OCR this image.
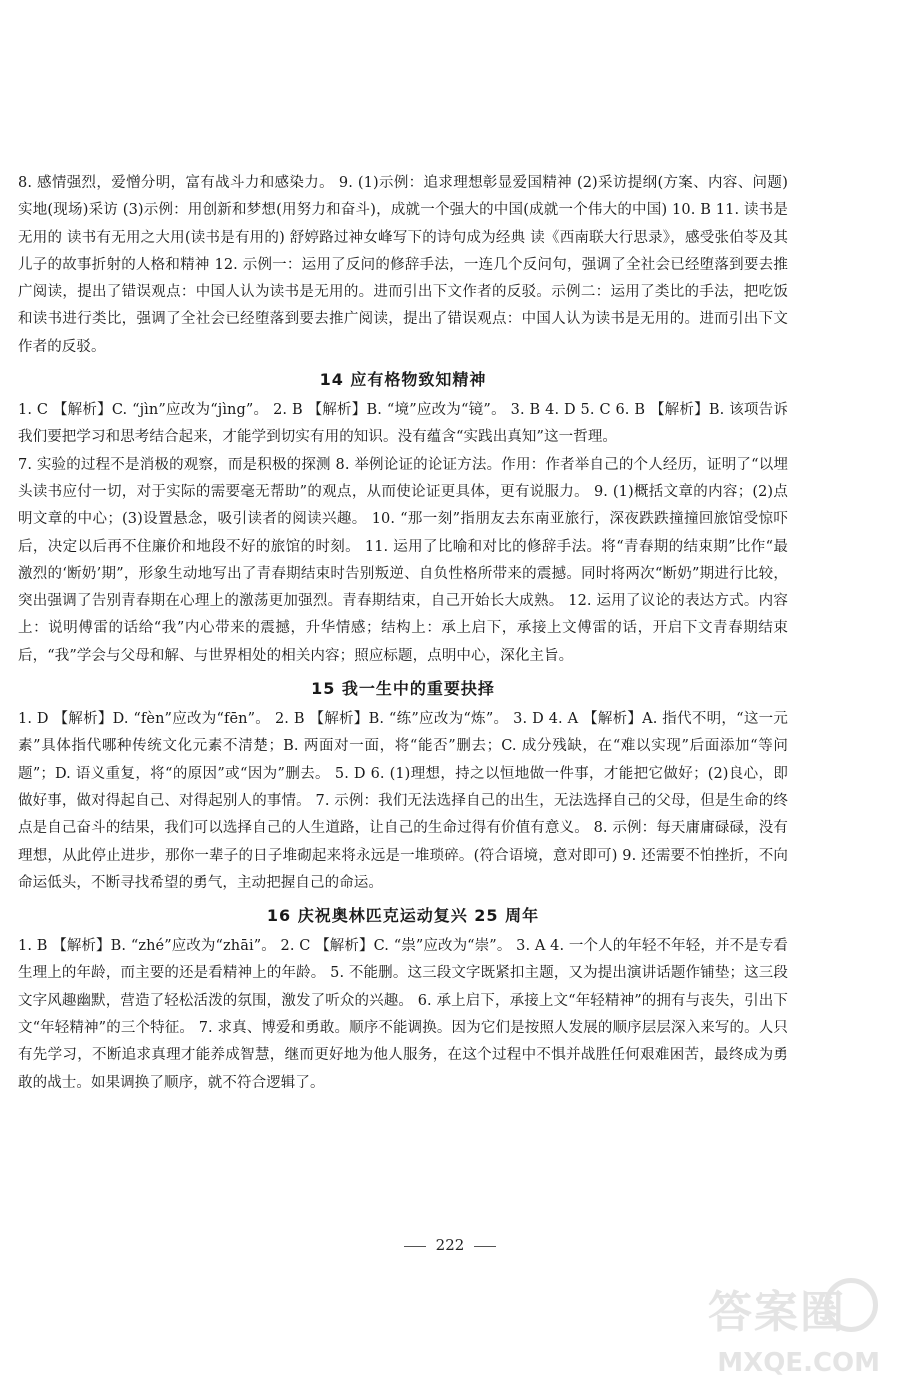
8. 感情强烈，爱憎分明，富有战斗力和感染力。 9. (1)示例：追求理想彰显爱国精神 (2)采访提纲(方案、内容、问题) 实地(现场)采访 (3)示例：用创新和梦想(用努力和奋斗)，成就一个强大的中国(成就一个伟大的中国) 10. B 11. 读书是无用的 读书有无用之大用(读书是有用的) 舒婷路过神女峰写下的诗句成为经典 读《西南联大行思录》，感受张伯苓及其儿子的故事折射的人格和精神 12. 示例一：运用了反问的修辞手法，一连几个反问句，强调了全社会已经堕落到要去推广阅读，提出了错误观点：中国人认为读书是无用的。进而引出下文作者的反驳。示例二：运用了类比的手法，把吃饭和读书进行类比，强调了全社会已经堕落到要去推广阅读，提出了错误观点：中国人认为读书是无用的。进而引出下文作者的反驳。

14 应有格物致知精神

1. C 【解析】C. “jìn”应改为“jìng”。 2. B 【解析】B. “境”应改为“镜”。 3. B 4. D 5. C 6. B 【解析】B. 该项告诉我们要把学习和思考结合起来，才能学到切实有用的知识。没有蕴含“实践出真知”这一哲理。

7. 实验的过程不是消极的观察，而是积极的探测 8. 举例论证的论证方法。作用：作者举自己的个人经历，证明了“以埋头读书应付一切，对于实际的需要毫无帮助”的观点，从而使论证更具体，更有说服力。 9. (1)概括文章的内容；(2)点明文章的中心；(3)设置悬念，吸引读者的阅读兴趣。 10. “那一刻”指朋友去东南亚旅行，深夜跌跌撞撞回旅馆受惊吓后，决定以后再不住廉价和地段不好的旅馆的时刻。 11. 运用了比喻和对比的修辞手法。将“青春期的结束期”比作“最激烈的‘断奶’期”，形象生动地写出了青春期结束时告别叛逆、自负性格所带来的震撼。同时将两次“断奶”期进行比较，突出强调了告别青春期在心理上的激荡更加强烈。青春期结束，自己开始长大成熟。 12. 运用了议论的表达方式。内容上：说明傅雷的话给“我”内心带来的震撼，升华情感；结构上：承上启下，承接上文傅雷的话，开启下文青春期结束后，“我”学会与父母和解、与世界相处的相关内容；照应标题，点明中心，深化主旨。

15 我一生中的重要抉择

1. D 【解析】D. “fèn”应改为“fēn”。 2. B 【解析】B. “练”应改为“炼”。 3. D 4. A 【解析】A. 指代不明，“这一元素”具体指代哪种传统文化元素不清楚；B. 两面对一面，将“能否”删去；C. 成分残缺，在“难以实现”后面添加“等问题”；D. 语义重复，将“的原因”或“因为”删去。 5. D 6. (1)理想，持之以恒地做一件事，才能把它做好；(2)良心，即做好事，做对得起自己、对得起别人的事情。 7. 示例：我们无法选择自己的出生，无法选择自己的父母，但是生命的终点是自己奋斗的结果，我们可以选择自己的人生道路，让自己的生命过得有价值有意义。 8. 示例：每天庸庸碌碌，没有理想，从此停止进步，那你一辈子的日子堆砌起来将永远是一堆琐碎。(符合语境，意对即可) 9. 还需要不怕挫折，不向命运低头，不断寻找希望的勇气，主动把握自己的命运。

16 庆祝奥林匹克运动复兴 25 周年

1. B 【解析】B. “zhé”应改为“zhāi”。 2. C 【解析】C. “祟”应改为“崇”。 3. A 4. 一个人的年轻不年轻，并不是专看生理上的年龄，而主要的还是看精神上的年龄。 5. 不能删。这三段文字既紧扣主题，又为提出演讲话题作铺垫；这三段文字风趣幽默，营造了轻松活泼的氛围，激发了听众的兴趣。 6. 承上启下，承接上文“年轻精神”的拥有与丧失，引出下文“年轻精神”的三个特征。 7. 求真、博爱和勇敢。顺序不能调换。因为它们是按照人发展的顺序层层深入来写的。人只有先学习，不断追求真理才能养成智慧，继而更好地为他人服务，在这个过程中不惧并战胜任何艰难困苦，最终成为勇敢的战士。如果调换了顺序，就不符合逻辑了。

222
答案圈
MXQE.COM
